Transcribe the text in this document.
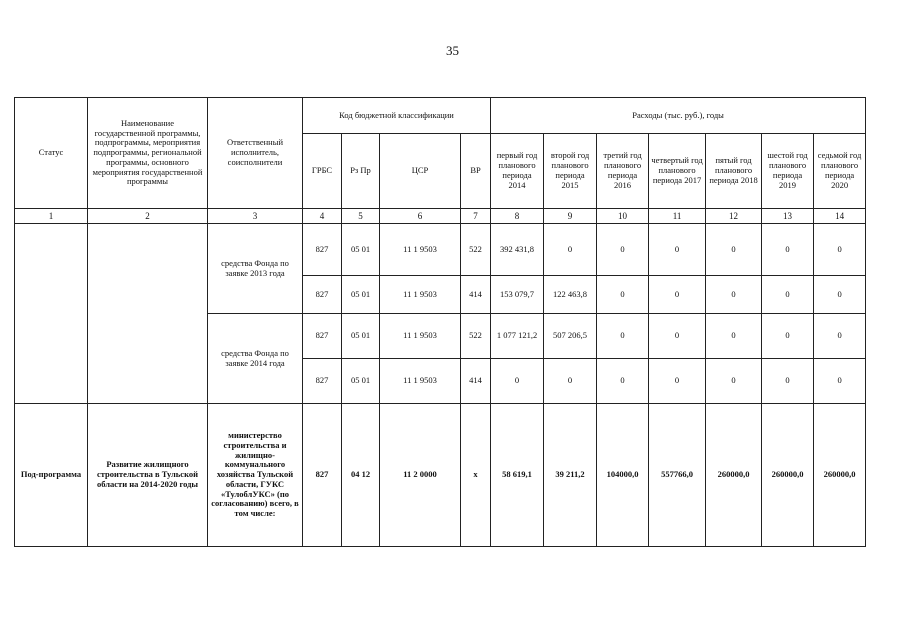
35
Статус	Наименование государственной программы, подпрограммы, мероприятия подпрограммы, региональной программы, основного мероприятия государственной программы	Ответственный исполнитель, соисполнители	Код бюджетной классификации				Расходы (тыс. руб.), годы						
			ГРБС	Рз Пр	ЦСР	ВР	первый год планового периода 2014	второй год планового периода 2015	третий год планового периода 2016	четвертый год планового периода 2017	пятый год планового периода 2018	шестой год планового периода 2019	седьмой год планового периода 2020
1	2	3	4	5	6	7	8	9	10	11	12	13	14
		средства Фонда по заявке 2013 года	827	05 01	11 1 9503	522	392 431,8	0	0	0	0	0	0
			827	05 01	11 1 9503	414	153 079,7	122 463,8	0	0	0	0	0
		средства Фонда по заявке 2014 года	827	05 01	11 1 9503	522	1 077 121,2	507 206,5	0	0	0	0	0
			827	05 01	11 1 9503	414	0	0	0	0	0	0	0
Под-программа	Развитие жилищного строительства в Тульской области на 2014-2020 годы	министерство строительства и жилищно-коммунального хозяйства Тульской области, ГУКС «ТулоблУКС» (по согласованию) всего, в том числе:	827	04 12	11 2 0000	x	58 619,1	39 211,2	104000,0	557766,0	260000,0	260000,0	260000,0
